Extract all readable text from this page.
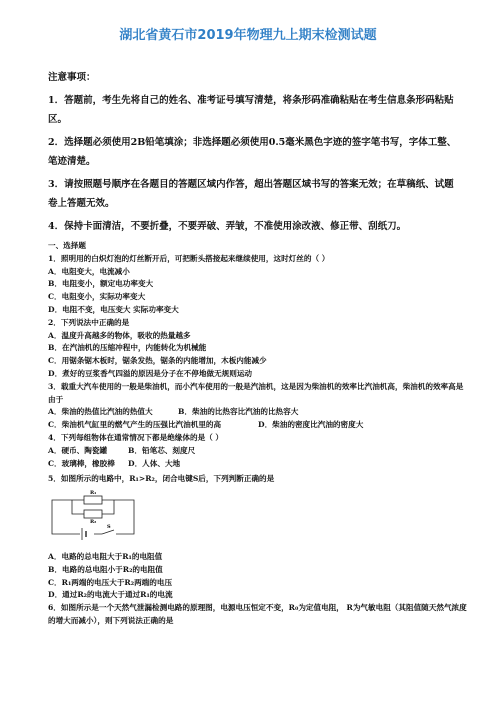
湖北省黄石市2019年物理九上期末检测试题
注意事项：

1．答题前，考生先将自己的姓名、准考证号填写清楚，将条形码准确粘贴在考生信息条形码粘贴区。

2．选择题必须使用2B铅笔填涂；非选择题必须使用0.5毫米黑色字迹的签字笔书写，字体工整、笔迹清楚。

3．请按照题号顺序在各题目的答题区域内作答，超出答题区域书写的答案无效；在草稿纸、试题卷上答题无效。

4．保持卡面清洁，不要折叠，不要弄破、弄皱，不准使用涂改液、修正带、刮纸刀。

一、选择题
1．照明用的白炽灯泡的灯丝断开后，可把断头搭接起来继续使用，这时灯丝的（ ）
A．电阻变大，电流减小
B．电阻变小，额定电功率变大
C．电阻变小，实际功率变大
D．电阻不变，电压变大 实际功率变大
2．下列说法中正确的是
A．温度升高越多的物体，吸收的热量越多
B．在汽油机的压缩冲程中，内能转化为机械能
C．用锯条锯木板时，锯条发热，锯条的内能增加，木板内能减少
D．煮好的豆浆香气四溢的原因是分子在不停地做无规则运动
3．载重大汽车使用的一般是柴油机，而小汽车使用的一般是汽油机，这是因为柴油机的效率比汽油机高，柴油机的效率高是由于
A．柴油的热值比汽油的热值大	B．柴油的比热容比汽油的比热容大
C．柴油机气缸里的燃气产生的压强比汽油机里的高	D．柴油的密度比汽油的密度大
4．下列每组物体在通常情况下都是绝缘体的是（ ）
A．硬币、陶瓷罐	B．铅笔芯、刻度尺
C．玻璃棒，橡胶棒	D．人体、大地
5．如图所示的电路中，R₁>R₂，闭合电键S后，下列判断正确的是
R₁
R₂
S
A．电路的总电阻大于R₁的电阻值
B．电路的总电阻小于R₂的电阻值
C．R₁两端的电压大于R₂两端的电压
D．通过R₂的电流大于通过R₁的电流
6．如图所示是一个天然气泄漏检测电路的原理图，电源电压恒定不变，R₀为定值电阻， R为气敏电阻（其阻值随天然气浓度的增大而减小），则下列说法正确的是
